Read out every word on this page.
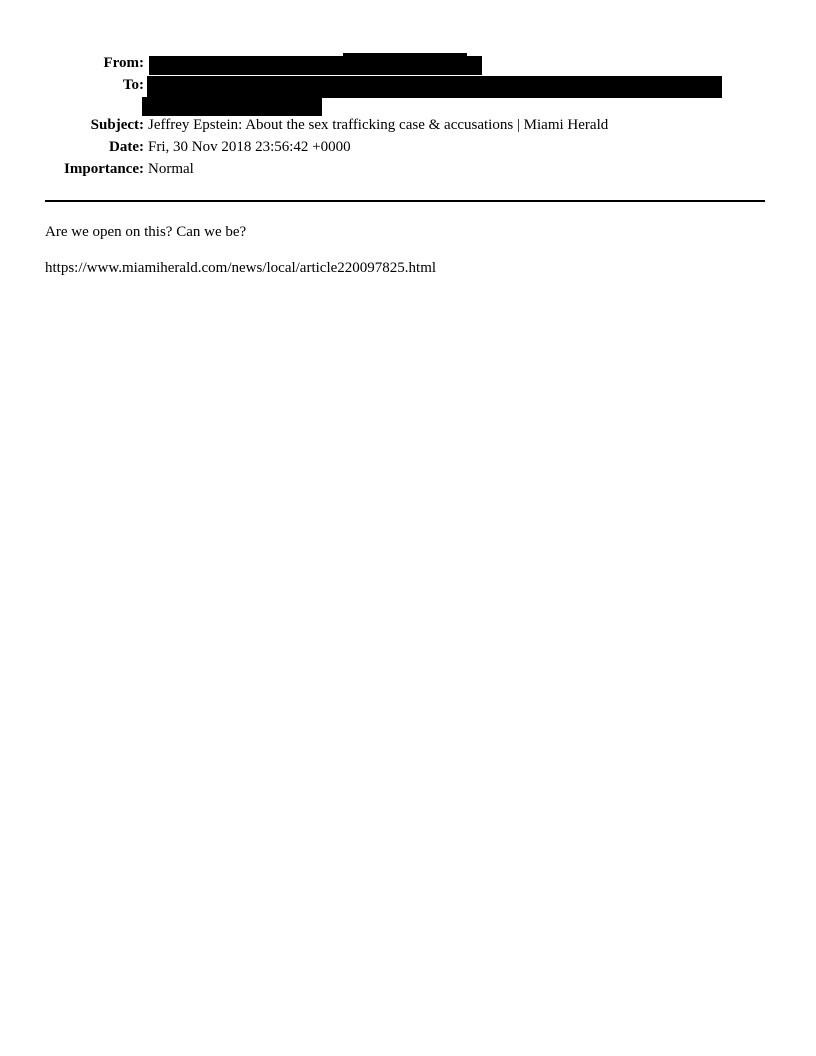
From:
To:
Subject: Jeffrey Epstein: About the sex trafficking case & accusations | Miami Herald
Date: Fri, 30 Nov 2018 23:56:42 +0000
Importance: Normal
Are we open on this? Can we be?
https://www.miamiherald.com/news/local/article220097825.html
